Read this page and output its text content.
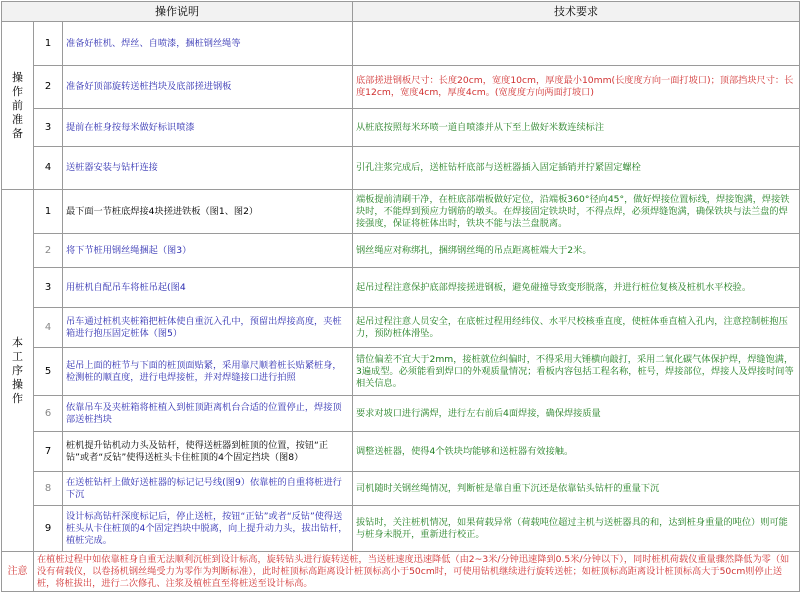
操作说明			技术要求
操作前准备	1	准备好桩机、焊丝、自喷漆，捆桩钢丝绳等	
	2	准备好顶部旋转送桩挡块及底部搓进钢板	底部搓进钢板尺寸：长度20cm，宽度10cm，厚度最小10mm(长度度方向一面打坡口)；顶部挡块尺寸：长度12cm，宽度4cm，厚度4cm。(宽度度方向两面打坡口)
	3	提前在桩身按每米做好标识喷漆	从桩底按照每米环喷一道自喷漆并从下至上做好米数连续标注
	4	送桩器安装与钻杆连接	引孔注浆完成后，送桩钻杆底部与送桩器插入固定插销并拧紧固定螺栓
本工序操作	1	最下面一节桩底焊接4块搓进铁板（图1、图2）	端板提前清刷干净，在桩底部端板做好定位，沿端板360°径向45°，做好焊接位置标线，焊接饱满，焊接铁块时，不能焊到预应力钢筋的墩头。在焊接固定铁块时，不得点焊，必须焊缝饱满，确保铁块与法兰盘的焊接强度，保证将桩体出时，铁块不能与法兰盘脱离。
	2	将下节桩用钢丝绳捆起（图3）	钢丝绳应对称绑扎，捆绑钢丝绳的吊点距离桩端大于2米。
	3	用桩机自配吊车将桩吊起(图4	起吊过程注意保护底部焊接搓进钢板，避免碰撞导致变形脱落，并进行桩位复核及桩机水平校验。
	4	吊车通过桩机夹桩箱把桩体使自重沉入孔中，预留出焊接高度，夹桩箱进行抱压固定桩体（图5）	起吊过程注意人员安全，在底桩过程用经纬仪、水平尺校核垂直度，使桩体垂直植入孔内，注意控制桩抱压力，预防桩体滑坠。
	5	起吊上面的桩节与下面的桩顶面贴紧，采用靠尺顺着桩长贴紧桩身，检测桩的顺直度，进行电焊接桩，并对焊缝接口进行拍照	错位偏差不宜大于2mm，接桩就位纠偏时，不得采用大锤横向敲打，采用二氧化碳气体保护焊，焊缝饱满，3遍成型。必须能看到焊口的外观质量情况；看板内容包括工程名称，桩号，焊接部位，焊接人及焊接时间等相关信息。
	6	依靠吊车及夹桩箱将桩植入到桩顶距离机台合适的位置停止，焊接顶部送桩挡块	要求对坡口进行满焊，进行左右前后4面焊接，确保焊接质量
	7	桩机提升钻机动力头及钻杆，使得送桩器到桩顶的位置，按钮“正钻”或者“反钻”使得送桩头卡住桩顶的4个固定挡块（图8）	调整送桩器，使得4个铁块均能够和送桩器有效接触。
	8	在送桩钻杆上做好送桩器的标记记号线(图9）依靠桩的自重将桩进行下沉	司机随时关钢丝绳情况，判断桩是靠自重下沉还是依靠钻头钻杆的重量下沉
	9	设计标高钻杆深度标记后，停止送桩，按钮“正钻”或者“反钻”使得送桩头从卡住桩顶的4个固定挡块中脱离，向上提升动力头，拔出钻杆，植桩完成。	拔钻时，关注桩机情况，如果荷载异常（荷载吨位超过主机与送桩器具的和，达到桩身重量的吨位）则可能与桩身未脱开，重新进行校正。
注意	在植桩过程中如依靠桩身自重无法顺利沉桩到设计标高，旋转钻头进行旋转送桩，当送桩速度迅速降低（由2~3米/分钟迅速降到0.5米/分钟以下），同时桩机荷载仪重量骤然降低为零（如没有荷载仪，以卷扬机钢丝绳受力为零作为判断标准），此时桩顶标高距离设计桩顶标高小于50cm时，可使用钻机继续进行旋转送桩；如桩顶标高距离设计桩顶标高大于50cm则停止送桩，将桩拔出，进行二次修孔、注浆及植桩直至将桩送至设计标高。		
